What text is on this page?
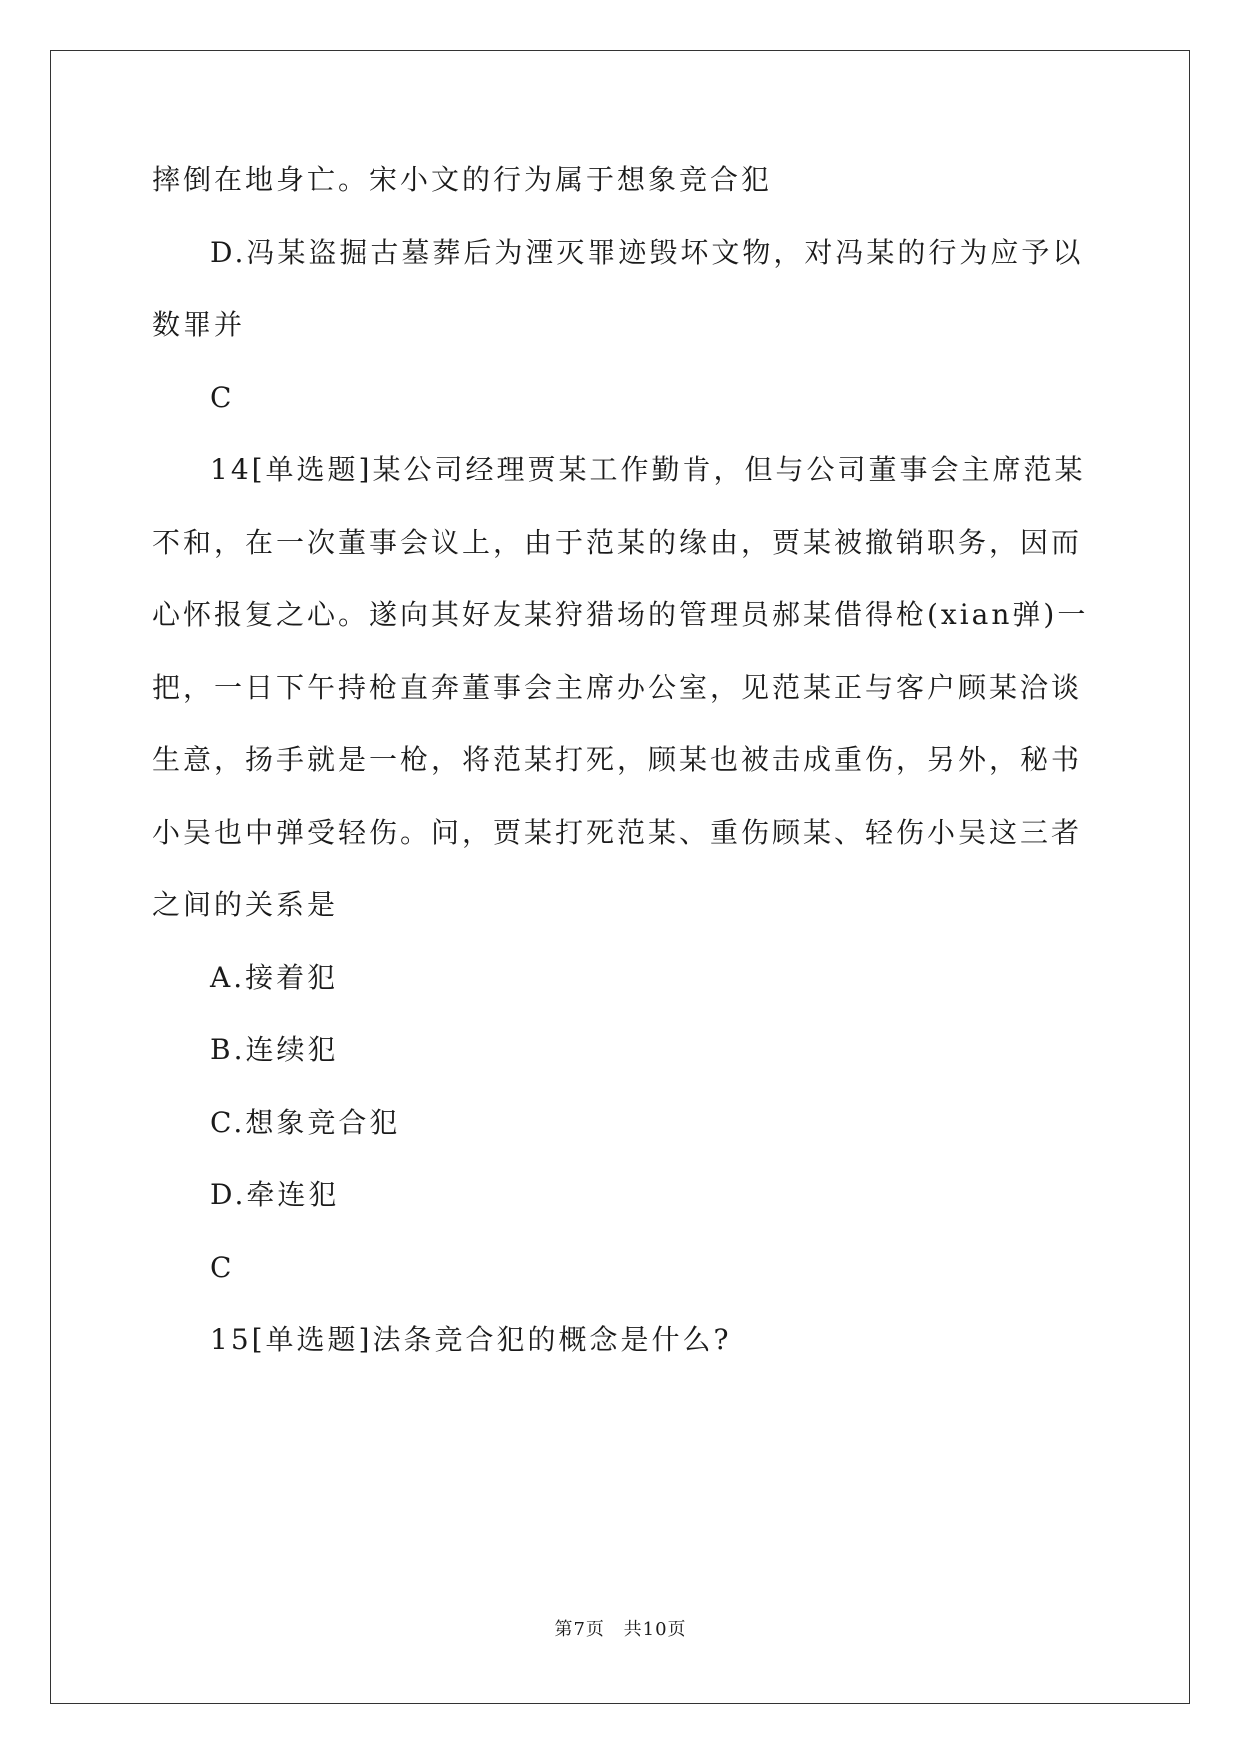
摔倒在地身亡。宋小文的行为属于想象竞合犯
D.冯某盗掘古墓葬后为湮灭罪迹毁坏文物，对冯某的行为应予以
数罪并
C
14[单选题]某公司经理贾某工作勤肯，但与公司董事会主席范某
不和，在一次董事会议上，由于范某的缘由，贾某被撤销职务，因而
心怀报复之心。遂向其好友某狩猎场的管理员郝某借得枪(xian弹)一
把，一日下午持枪直奔董事会主席办公室，见范某正与客户顾某洽谈
生意，扬手就是一枪，将范某打死，顾某也被击成重伤，另外，秘书
小吴也中弹受轻伤。问，贾某打死范某、重伤顾某、轻伤小吴这三者
之间的关系是
A.接着犯
B.连续犯
C.想象竞合犯
D.牵连犯
C
15[单选题]法条竞合犯的概念是什么?
第7页 共10页
